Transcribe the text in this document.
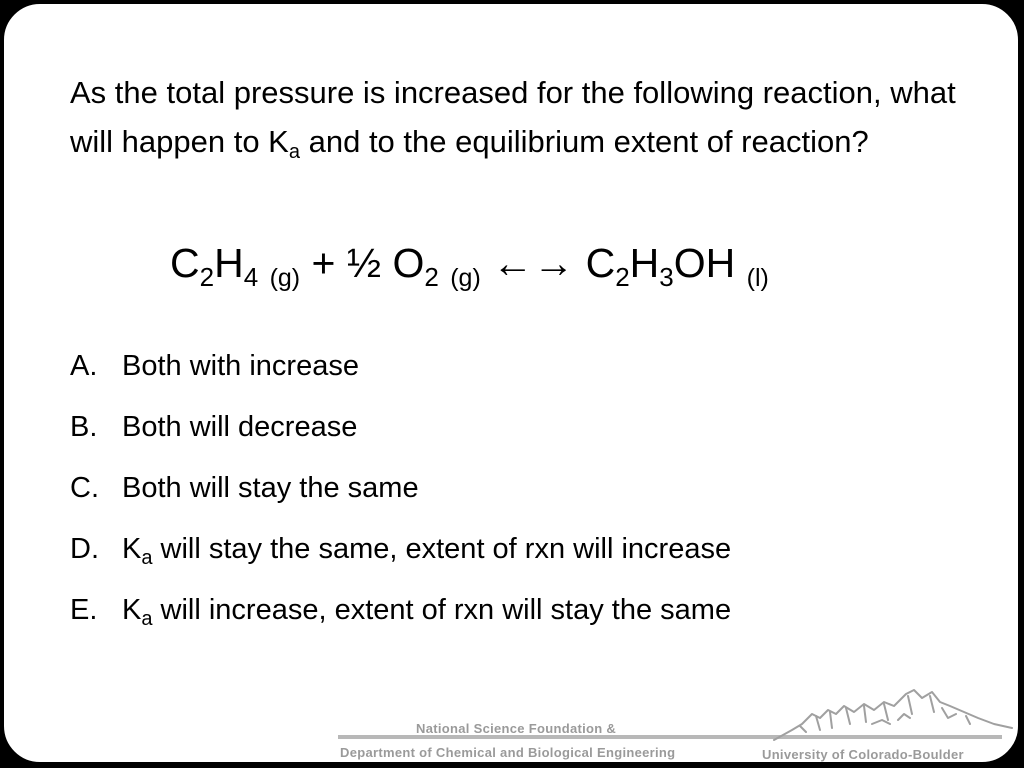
As the total pressure is increased for the following reaction, what will happen to $K_a$ and to the equilibrium extent of reaction?
$C_2H_4$ $_{(g)}$ + ½ $O_2$ $_{(g)}$ ←→ $C_2H_3OH$ $_{(l)}$
A. Both with increase
B. Both will decrease
C. Both will stay the same
D. $K_a$ will stay the same, extent of rxn will increase
E. $K_a$ will increase, extent of rxn will stay the same
National Science Foundation &
Department of Chemical and Biological Engineering	University of Colorado-Boulder
